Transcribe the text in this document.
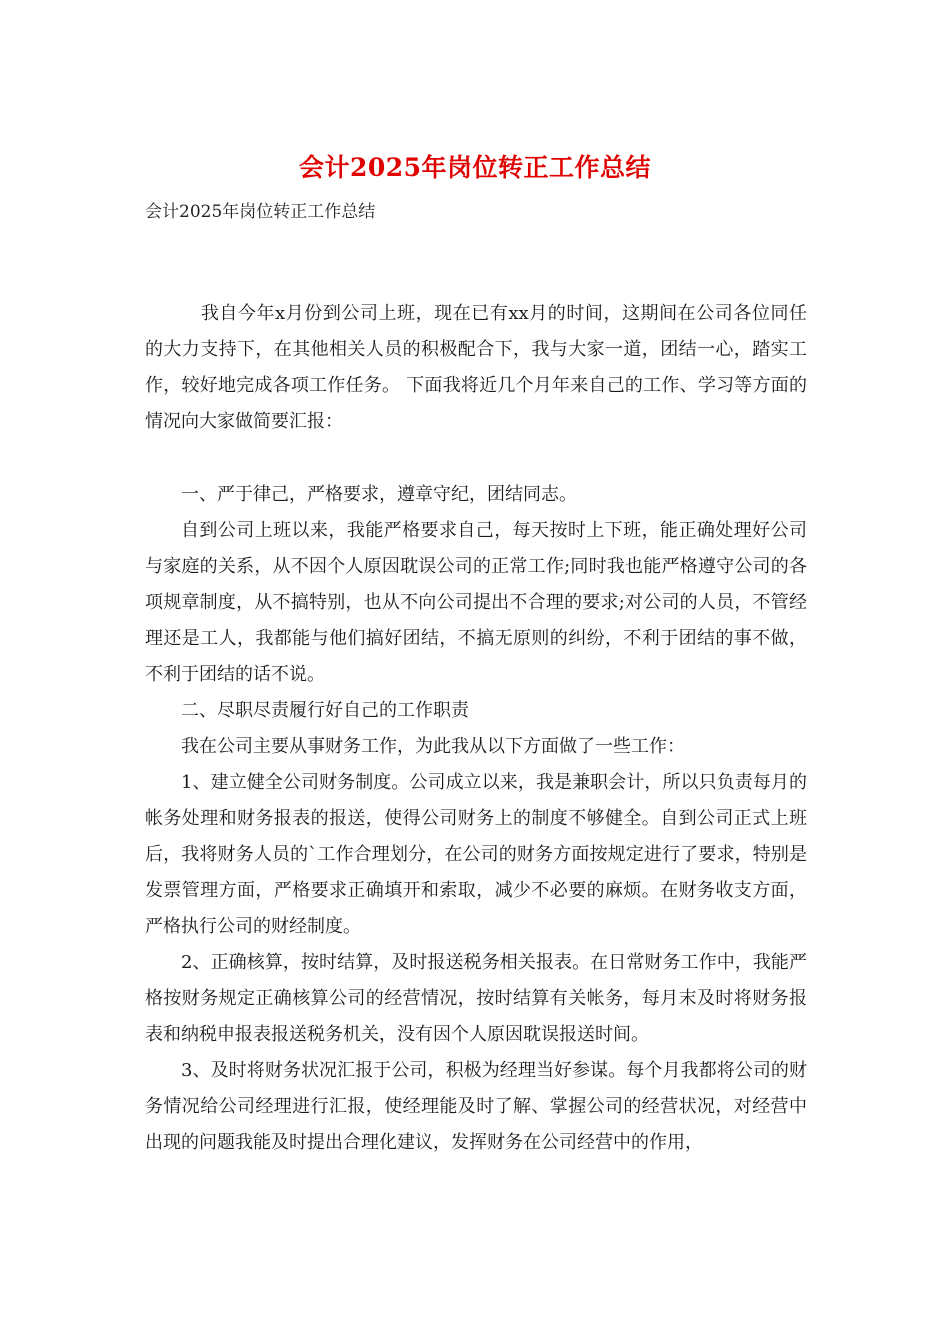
会计2025年岗位转正工作总结
会计2025年岗位转正工作总结

我自今年x月份到公司上班，现在已有xx月的时间，这期间在公司各位同任的大力支持下，在其他相关人员的积极配合下，我与大家一道，团结一心，踏实工作，较好地完成各项工作任务。 下面我将近几个月年来自己的工作、学习等方面的情况向大家做简要汇报：

一、严于律己，严格要求，遵章守纪，团结同志。

自到公司上班以来，我能严格要求自己，每天按时上下班，能正确处理好公司与家庭的关系，从不因个人原因耽误公司的正常工作;同时我也能严格遵守公司的各项规章制度，从不搞特别，也从不向公司提出不合理的要求;对公司的人员，不管经理还是工人，我都能与他们搞好团结，不搞无原则的纠纷，不利于团结的事不做，不利于团结的话不说。

二、尽职尽责履行好自己的工作职责

我在公司主要从事财务工作，为此我从以下方面做了一些工作：

1、建立健全公司财务制度。公司成立以来，我是兼职会计，所以只负责每月的帐务处理和财务报表的报送，使得公司财务上的制度不够健全。自到公司正式上班后，我将财务人员的`工作合理划分，在公司的财务方面按规定进行了要求，特别是发票管理方面，严格要求正确填开和索取，减少不必要的麻烦。在财务收支方面，严格执行公司的财经制度。

2、正确核算，按时结算，及时报送税务相关报表。在日常财务工作中，我能严格按财务规定正确核算公司的经营情况，按时结算有关帐务，每月末及时将财务报表和纳税申报表报送税务机关，没有因个人原因耽误报送时间。

3、及时将财务状况汇报于公司，积极为经理当好参谋。每个月我都将公司的财务情况给公司经理进行汇报，使经理能及时了解、掌握公司的经营状况，对经营中出现的问题我能及时提出合理化建议，发挥财务在公司经营中的作用，
